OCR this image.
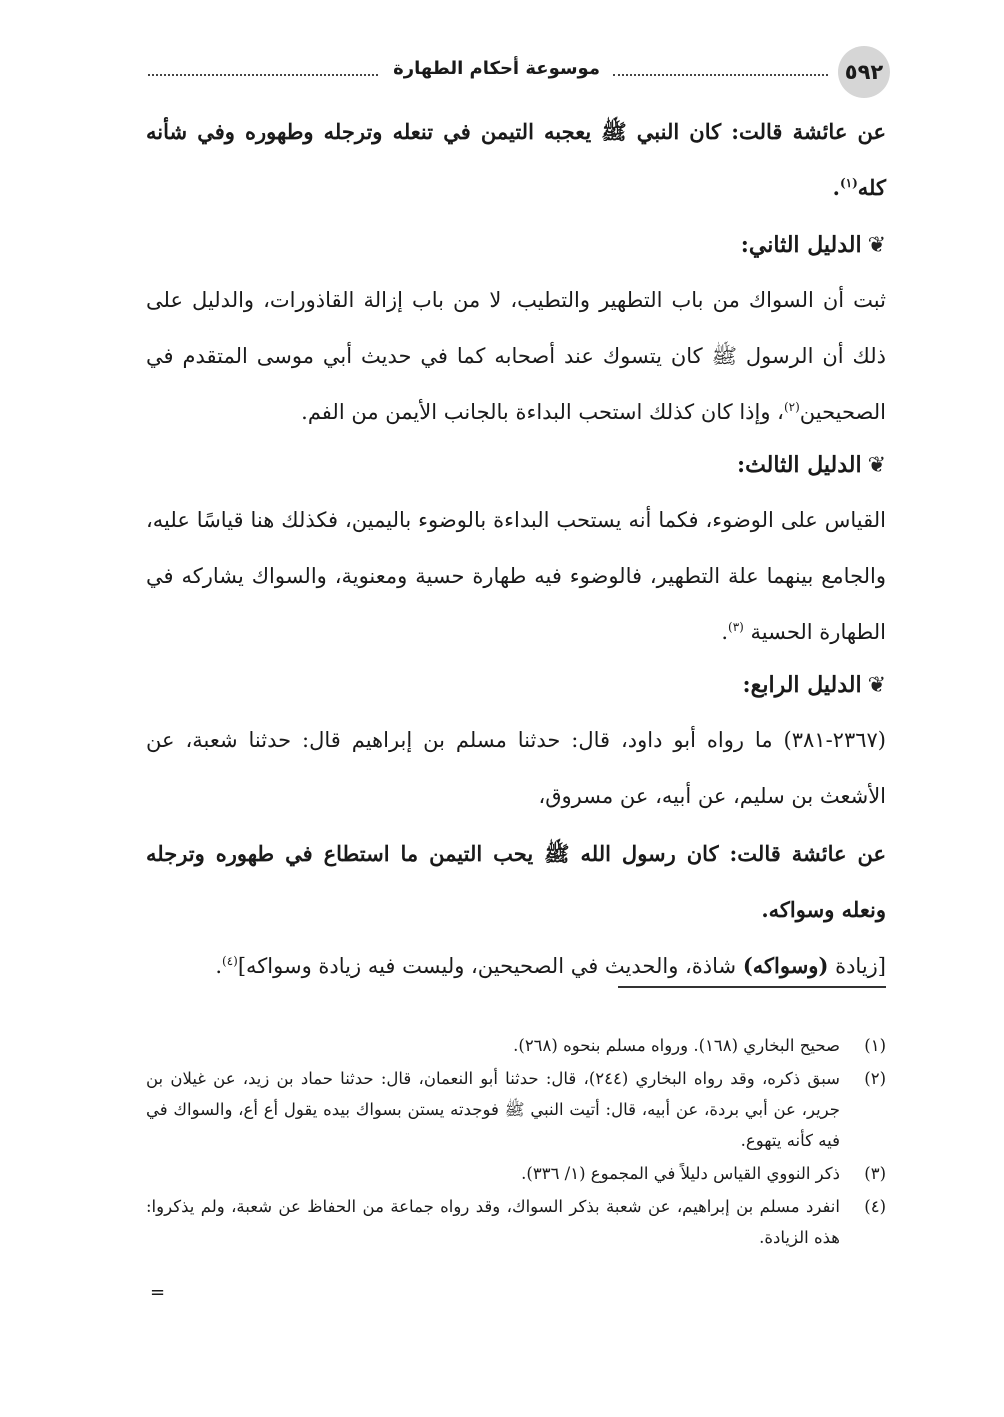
٥٩٢
موسوعة أحكام الطهارة

عن عائشة قالت: كان النبي ﷺ يعجبه التيمن في تنعله وترجله وطهوره وفي شأنه كله$^{(١)}$.

❦الدليل الثاني:

ثبت أن السواك من باب التطهير والتطيب، لا من باب إزالة القاذورات، والدليل على ذلك أن الرسول ﷺ كان يتسوك عند أصحابه كما في حديث أبي موسى المتقدم في الصحيحين$^{(٢)}$، وإذا كان كذلك استحب البداءة بالجانب الأيمن من الفم.

❦الدليل الثالث:

القياس على الوضوء، فكما أنه يستحب البداءة بالوضوء باليمين، فكذلك هنا قياسًا عليه، والجامع بينهما علة التطهير، فالوضوء فيه طهارة حسية ومعنوية، والسواك يشاركه في الطهارة الحسية $^{(٣)}$.

❦الدليل الرابع:

(٢٣٦٧-٣٨١) ما رواه أبو داود، قال: حدثنا مسلم بن إبراهيم قال: حدثنا شعبة، عن الأشعث بن سليم، عن أبيه، عن مسروق،

عن عائشة قالت: كان رسول الله ﷺ يحب التيمن ما استطاع في طهوره وترجله ونعله وسواكه.

[زيادة (وسواكه) شاذة، والحديث في الصحيحين، وليست فيه زيادة وسواكه]$^{(٤)}$.

(١)
صحيح البخاري (١٦٨). ورواه مسلم بنحوه (٢٦٨).
(٢)
سبق ذكره، وقد رواه البخاري (٢٤٤)، قال: حدثنا أبو النعمان، قال: حدثنا حماد بن زيد، عن غيلان بن جرير، عن أبي بردة، عن أبيه، قال: أتيت النبي ﷺ فوجدته يستن بسواك بيده يقول أع أع، والسواك في فيه كأنه يتهوع.
(٣)
ذكر النووي القياس دليلاً في المجموع (١/ ٣٣٦).
(٤)
انفرد مسلم بن إبراهيم، عن شعبة بذكر السواك، وقد رواه جماعة من الحفاظ عن شعبة، ولم يذكروا: هذه الزيادة.
=
